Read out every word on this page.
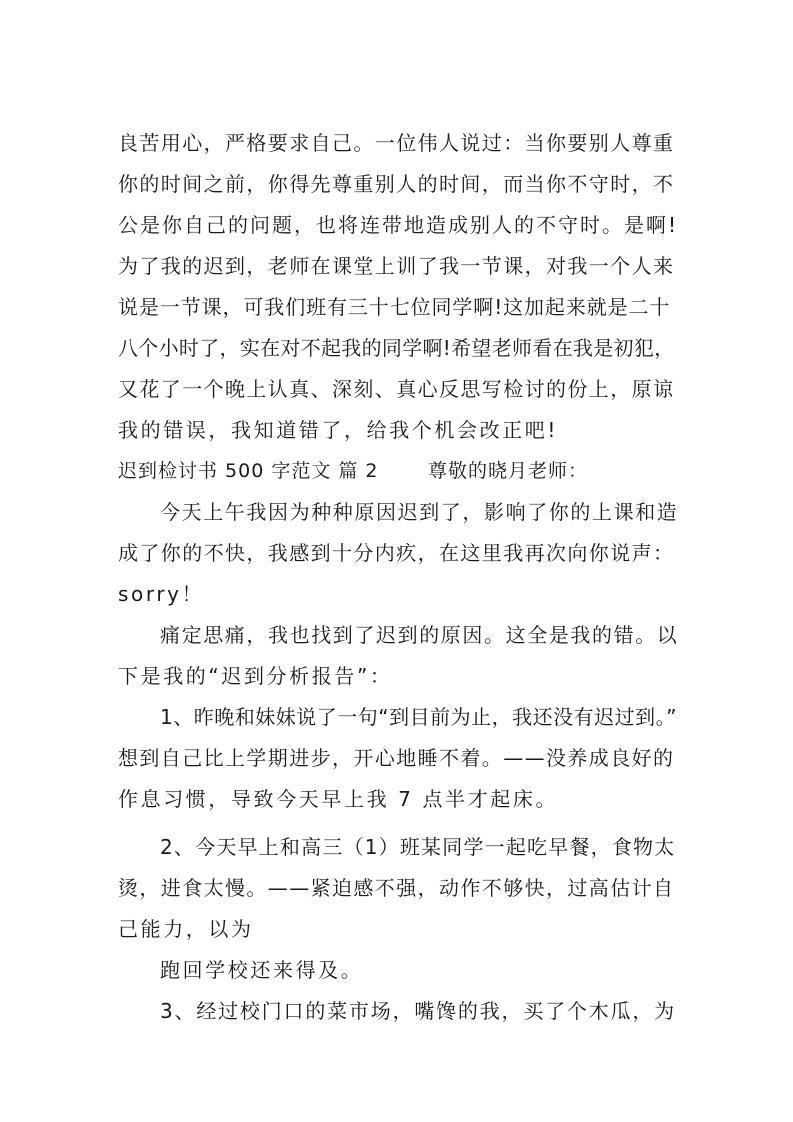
良苦用心，严格要求自己。一位伟人说过：当你要别人尊重
你的时间之前，你得先尊重别人的时间，而当你不守时，不
公是你自己的问题，也将连带地造成别人的不守时。是啊!
为了我的迟到，老师在课堂上训了我一节课，对我一个人来
说是一节课，可我们班有三十七位同学啊!这加起来就是二十
八个小时了，实在对不起我的同学啊!希望老师看在我是初犯，
又花了一个晚上认真、深刻、真心反思写检讨的份上，原谅
我的错误，我知道错了，给我个机会改正吧!
迟到检讨书 500 字范文 篇 2	尊敬的晓月老师：
今天上午我因为种种原因迟到了，影响了你的上课和造
成了你的不快，我感到十分内疚，在这里我再次向你说声：
sorry！
痛定思痛，我也找到了迟到的原因。这全是我的错。以
下是我的“迟到分析报告”：
1、昨晚和妹妹说了一句“到目前为止，我还没有迟过到。”
想到自己比上学期进步，开心地睡不着。——没养成良好的
作息习惯，导致今天早上我 7 点半才起床。
2、今天早上和高三（1）班某同学一起吃早餐，食物太
烫，进食太慢。——紧迫感不强，动作不够快，过高估计自
己能力，以为
跑回学校还来得及。
3、经过校门口的菜市场，嘴馋的我，买了个木瓜，为
